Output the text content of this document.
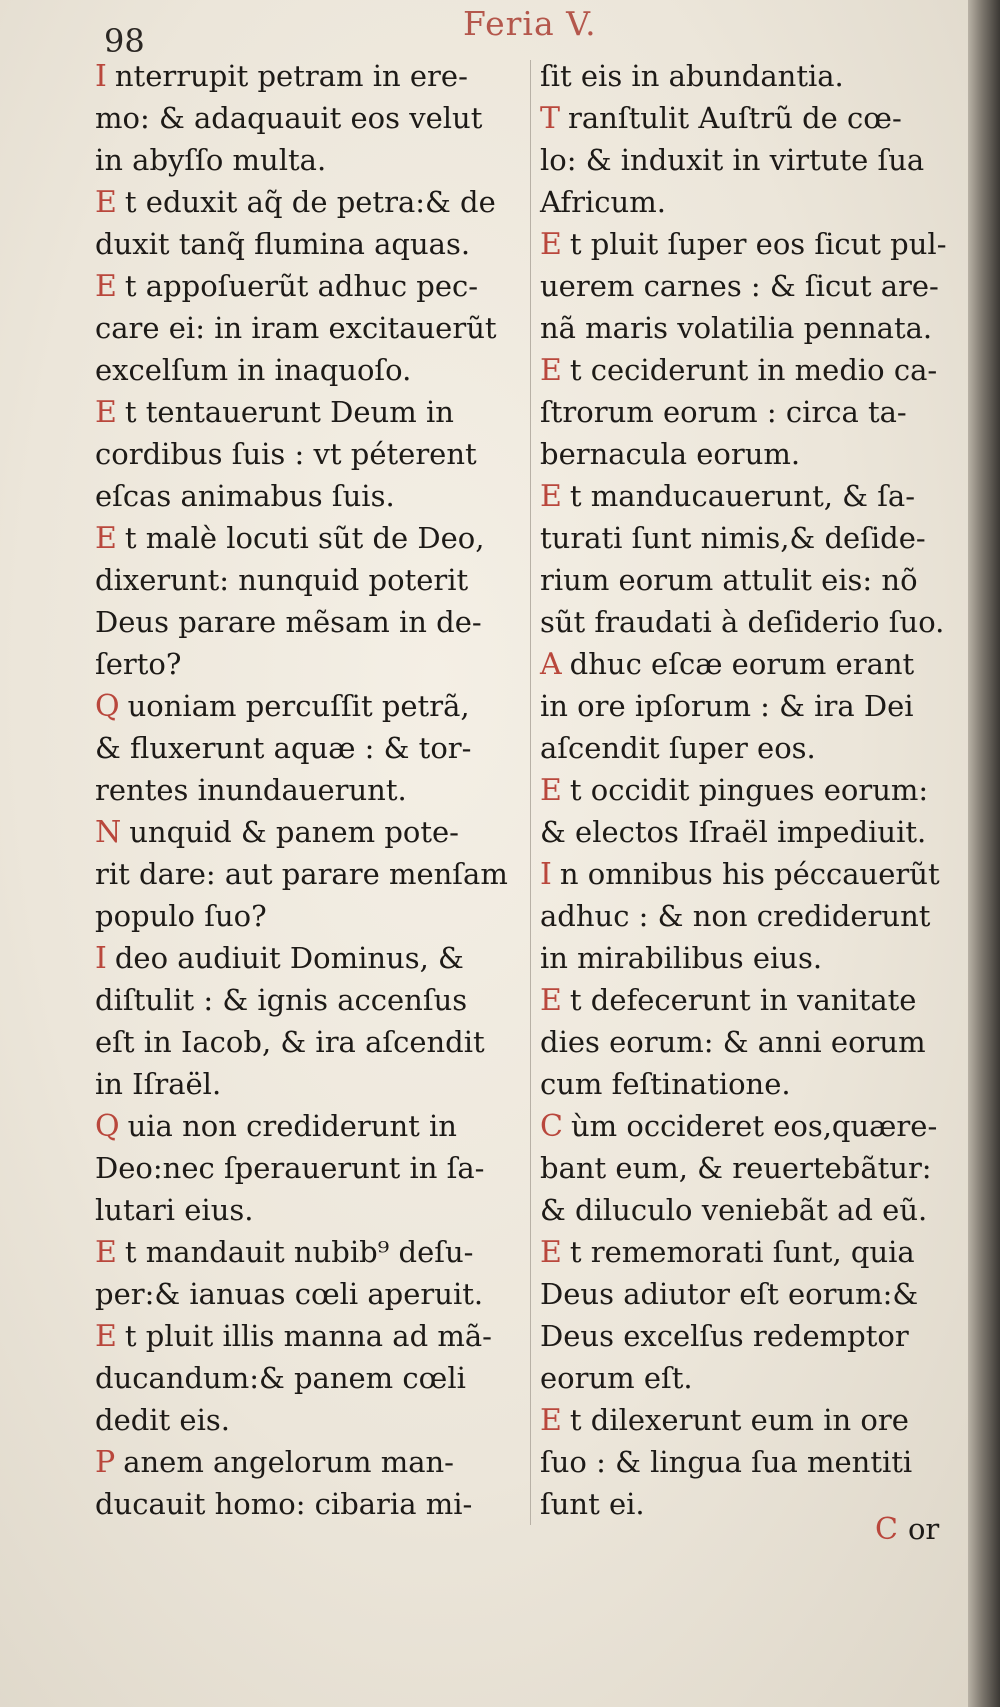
98	Feria V.
I nterrupit petram in ere-
mo: & adaquauit eos velut
in abyſſo multa.
E t eduxit aq̃ de petra:& de
duxit tanq̃ flumina aquas.
E t appoſuerũt adhuc pec-
care ei: in iram excitauerũt
excelſum in inaquoſo.
E t tentauerunt Deum in
cordibus ſuis : vt péterent
eſcas animabus ſuis.
E t malè locuti sũt de Deo,
dixerunt: nunquid poterit
Deus parare mẽsam in de-
ſerto?
Q uoniam percuſſit petrã,
& fluxerunt aquæ : & tor-
rentes inundauerunt.
N unquid & panem pote-
rit dare: aut parare menſam
populo ſuo?
I deo audiuit Dominus, &
diſtulit : & ignis accenſus
eſt in Iacob, & ira aſcendit
in Iſraël.
Q uia non crediderunt in
Deo:nec ſperauerunt in ſa-
lutari eius.
E t mandauit nubib⁹ deſu-
per:& ianuas cœli aperuit.
E t pluit illis manna ad mã-
ducandum:& panem cœli
dedit eis.
P anem angelorum man-
ducauit homo: cibaria mi-
ſit eis in abundantia.
T ranſtulit Auſtrũ de cœ-
lo: & induxit in virtute ſua
Africum.
E t pluit ſuper eos ſicut pul-
uerem carnes : & ſicut are-
nã maris volatilia pennata.
E t ceciderunt in medio ca-
ſtrorum eorum : circa ta-
bernacula eorum.
E t manducauerunt, & ſa-
turati ſunt nimis,& deſide-
rium eorum attulit eis: nõ
sũt fraudati à deſiderio ſuo.
A dhuc eſcæ eorum erant
in ore ipſorum : & ira Dei
aſcendit ſuper eos.
E t occidit pingues eorum:
& electos Iſraël impediuit.
I n omnibus his péccauerũt
adhuc : & non crediderunt
in mirabilibus eius.
E t defecerunt in vanitate
dies eorum: & anni eorum
cum feſtinatione.
C ùm occideret eos,quære-
bant eum, & reuertebãtur:
& diluculo veniebãt ad eũ.
E t rememorati ſunt, quia
Deus adiutor eſt eorum:&
Deus excelſus redemptor
eorum eſt.
E t dilexerunt eum in ore
ſuo : & lingua ſua mentiti
ſunt ei.
C or
